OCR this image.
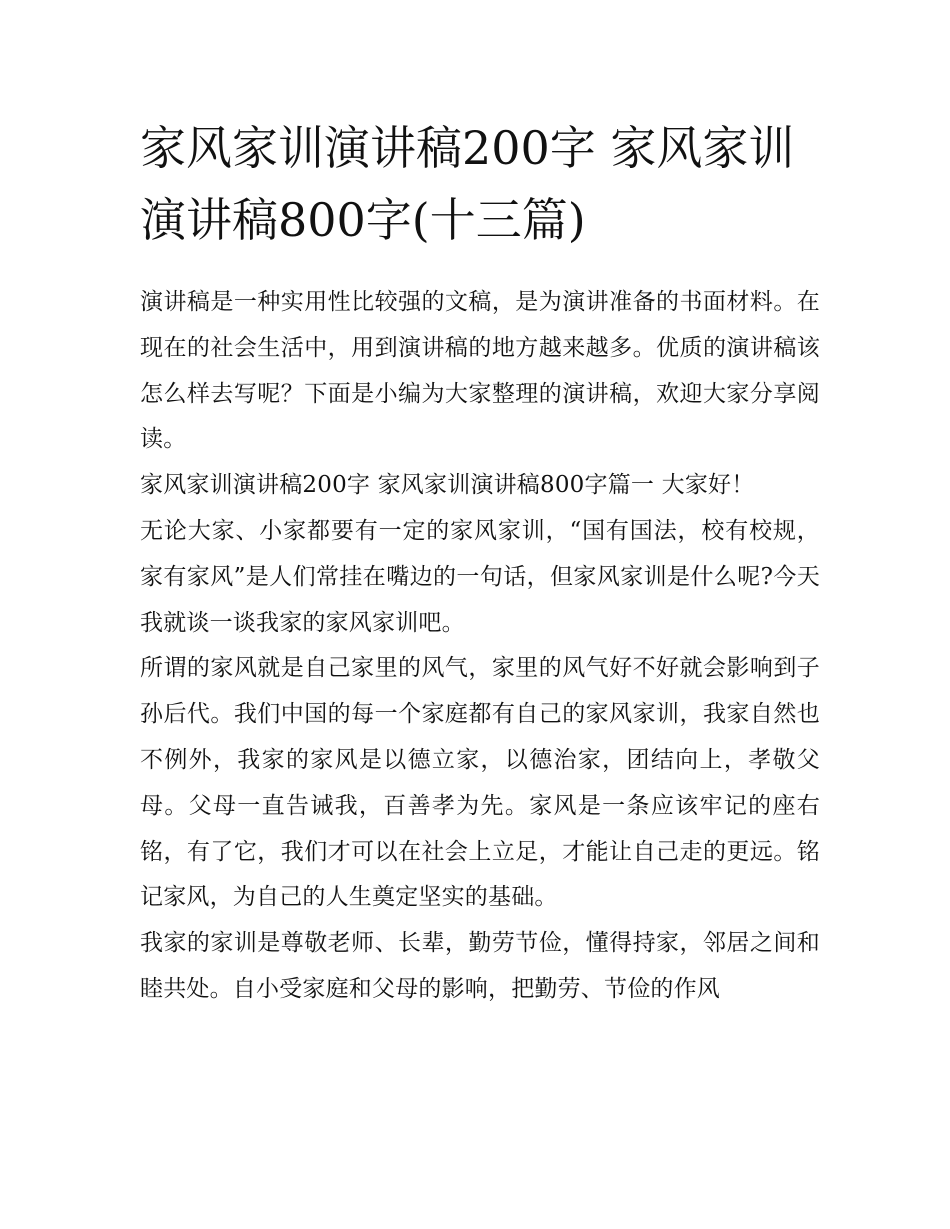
家风家训演讲稿200字 家风家训演讲稿800字(十三篇)

演讲稿是一种实用性比较强的文稿，是为演讲准备的书面材料。在现在的社会生活中，用到演讲稿的地方越来越多。优质的演讲稿该怎么样去写呢？下面是小编为大家整理的演讲稿，欢迎大家分享阅读。

家风家训演讲稿200字 家风家训演讲稿800字篇一 大家好！

无论大家、小家都要有一定的家风家训，“国有国法，校有校规，家有家风”是人们常挂在嘴边的一句话，但家风家训是什么呢?今天我就谈一谈我家的家风家训吧。

所谓的家风就是自己家里的风气，家里的风气好不好就会影响到子孙后代。我们中国的每一个家庭都有自己的家风家训，我家自然也不例外，我家的家风是以德立家，以德治家，团结向上，孝敬父母。父母一直告诫我，百善孝为先。家风是一条应该牢记的座右铭，有了它，我们才可以在社会上立足，才能让自己走的更远。铭记家风，为自己的人生奠定坚实的基础。

我家的家训是尊敬老师、长辈，勤劳节俭，懂得持家，邻居之间和睦共处。自小受家庭和父母的影响，把勤劳、节俭的作风
